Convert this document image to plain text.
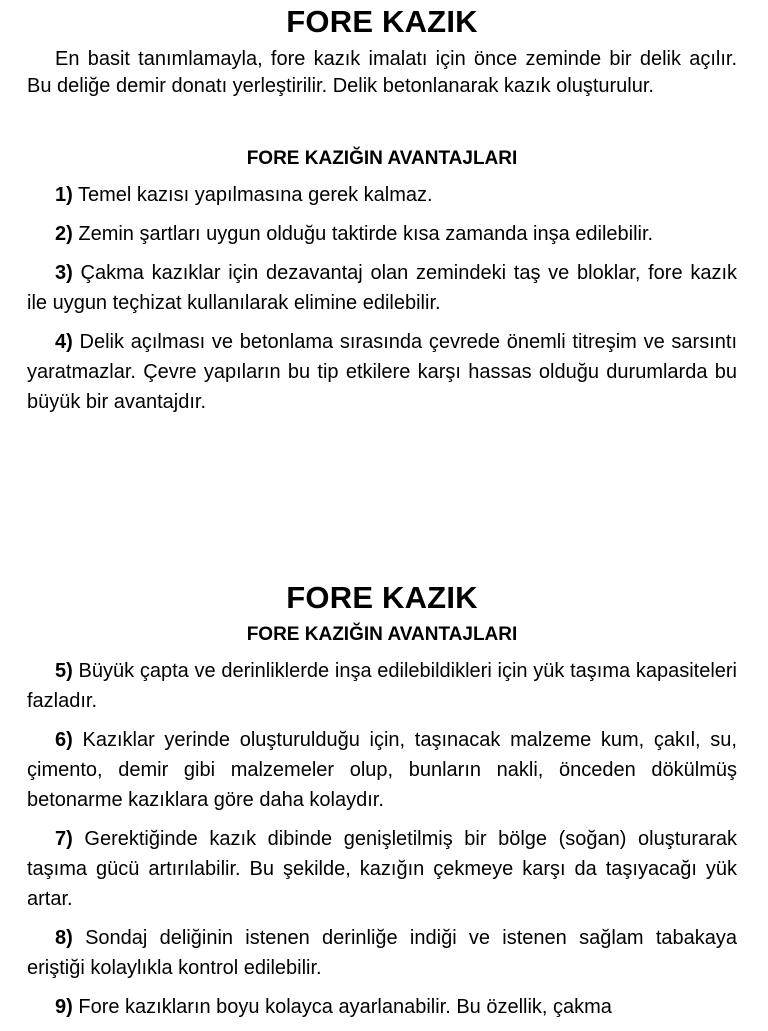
FORE KAZIK

En basit tanımlamayla, fore kazık imalatı için önce zeminde bir delik açılır. Bu deliğe demir donatı yerleştirilir. Delik betonlanarak kazık oluşturulur.

FORE KAZIĞIN AVANTAJLARI

1) Temel kazısı yapılmasına gerek kalmaz.

2) Zemin şartları uygun olduğu taktirde kısa zamanda inşa edilebilir.

3) Çakma kazıklar için dezavantaj olan zemindeki taş ve bloklar, fore kazık ile uygun teçhizat kullanılarak elimine edilebilir.

4) Delik açılması ve betonlama sırasında çevrede önemli titreşim ve sarsıntı yaratmazlar. Çevre yapıların bu tip etkilere karşı hassas olduğu durumlarda bu büyük bir avantajdır.

FORE KAZIK
FORE KAZIĞIN AVANTAJLARI

5) Büyük çapta ve derinliklerde inşa edilebildikleri için yük taşıma kapasiteleri fazladır.

6) Kazıklar yerinde oluşturulduğu için, taşınacak malzeme kum, çakıl, su, çimento, demir gibi malzemeler olup, bunların nakli, önceden dökülmüş betonarme kazıklara göre daha kolaydır.

7) Gerektiğinde kazık dibinde genişletilmiş bir bölge (soğan) oluşturarak taşıma gücü artırılabilir. Bu şekilde, kazığın çekmeye karşı da taşıyacağı yük artar.

8) Sondaj deliğinin istenen derinliğe indiği ve istenen sağlam tabakaya eriştiği kolaylıkla kontrol edilebilir.

9) Fore kazıkların boyu kolayca ayarlanabilir. Bu özellik, çakma
